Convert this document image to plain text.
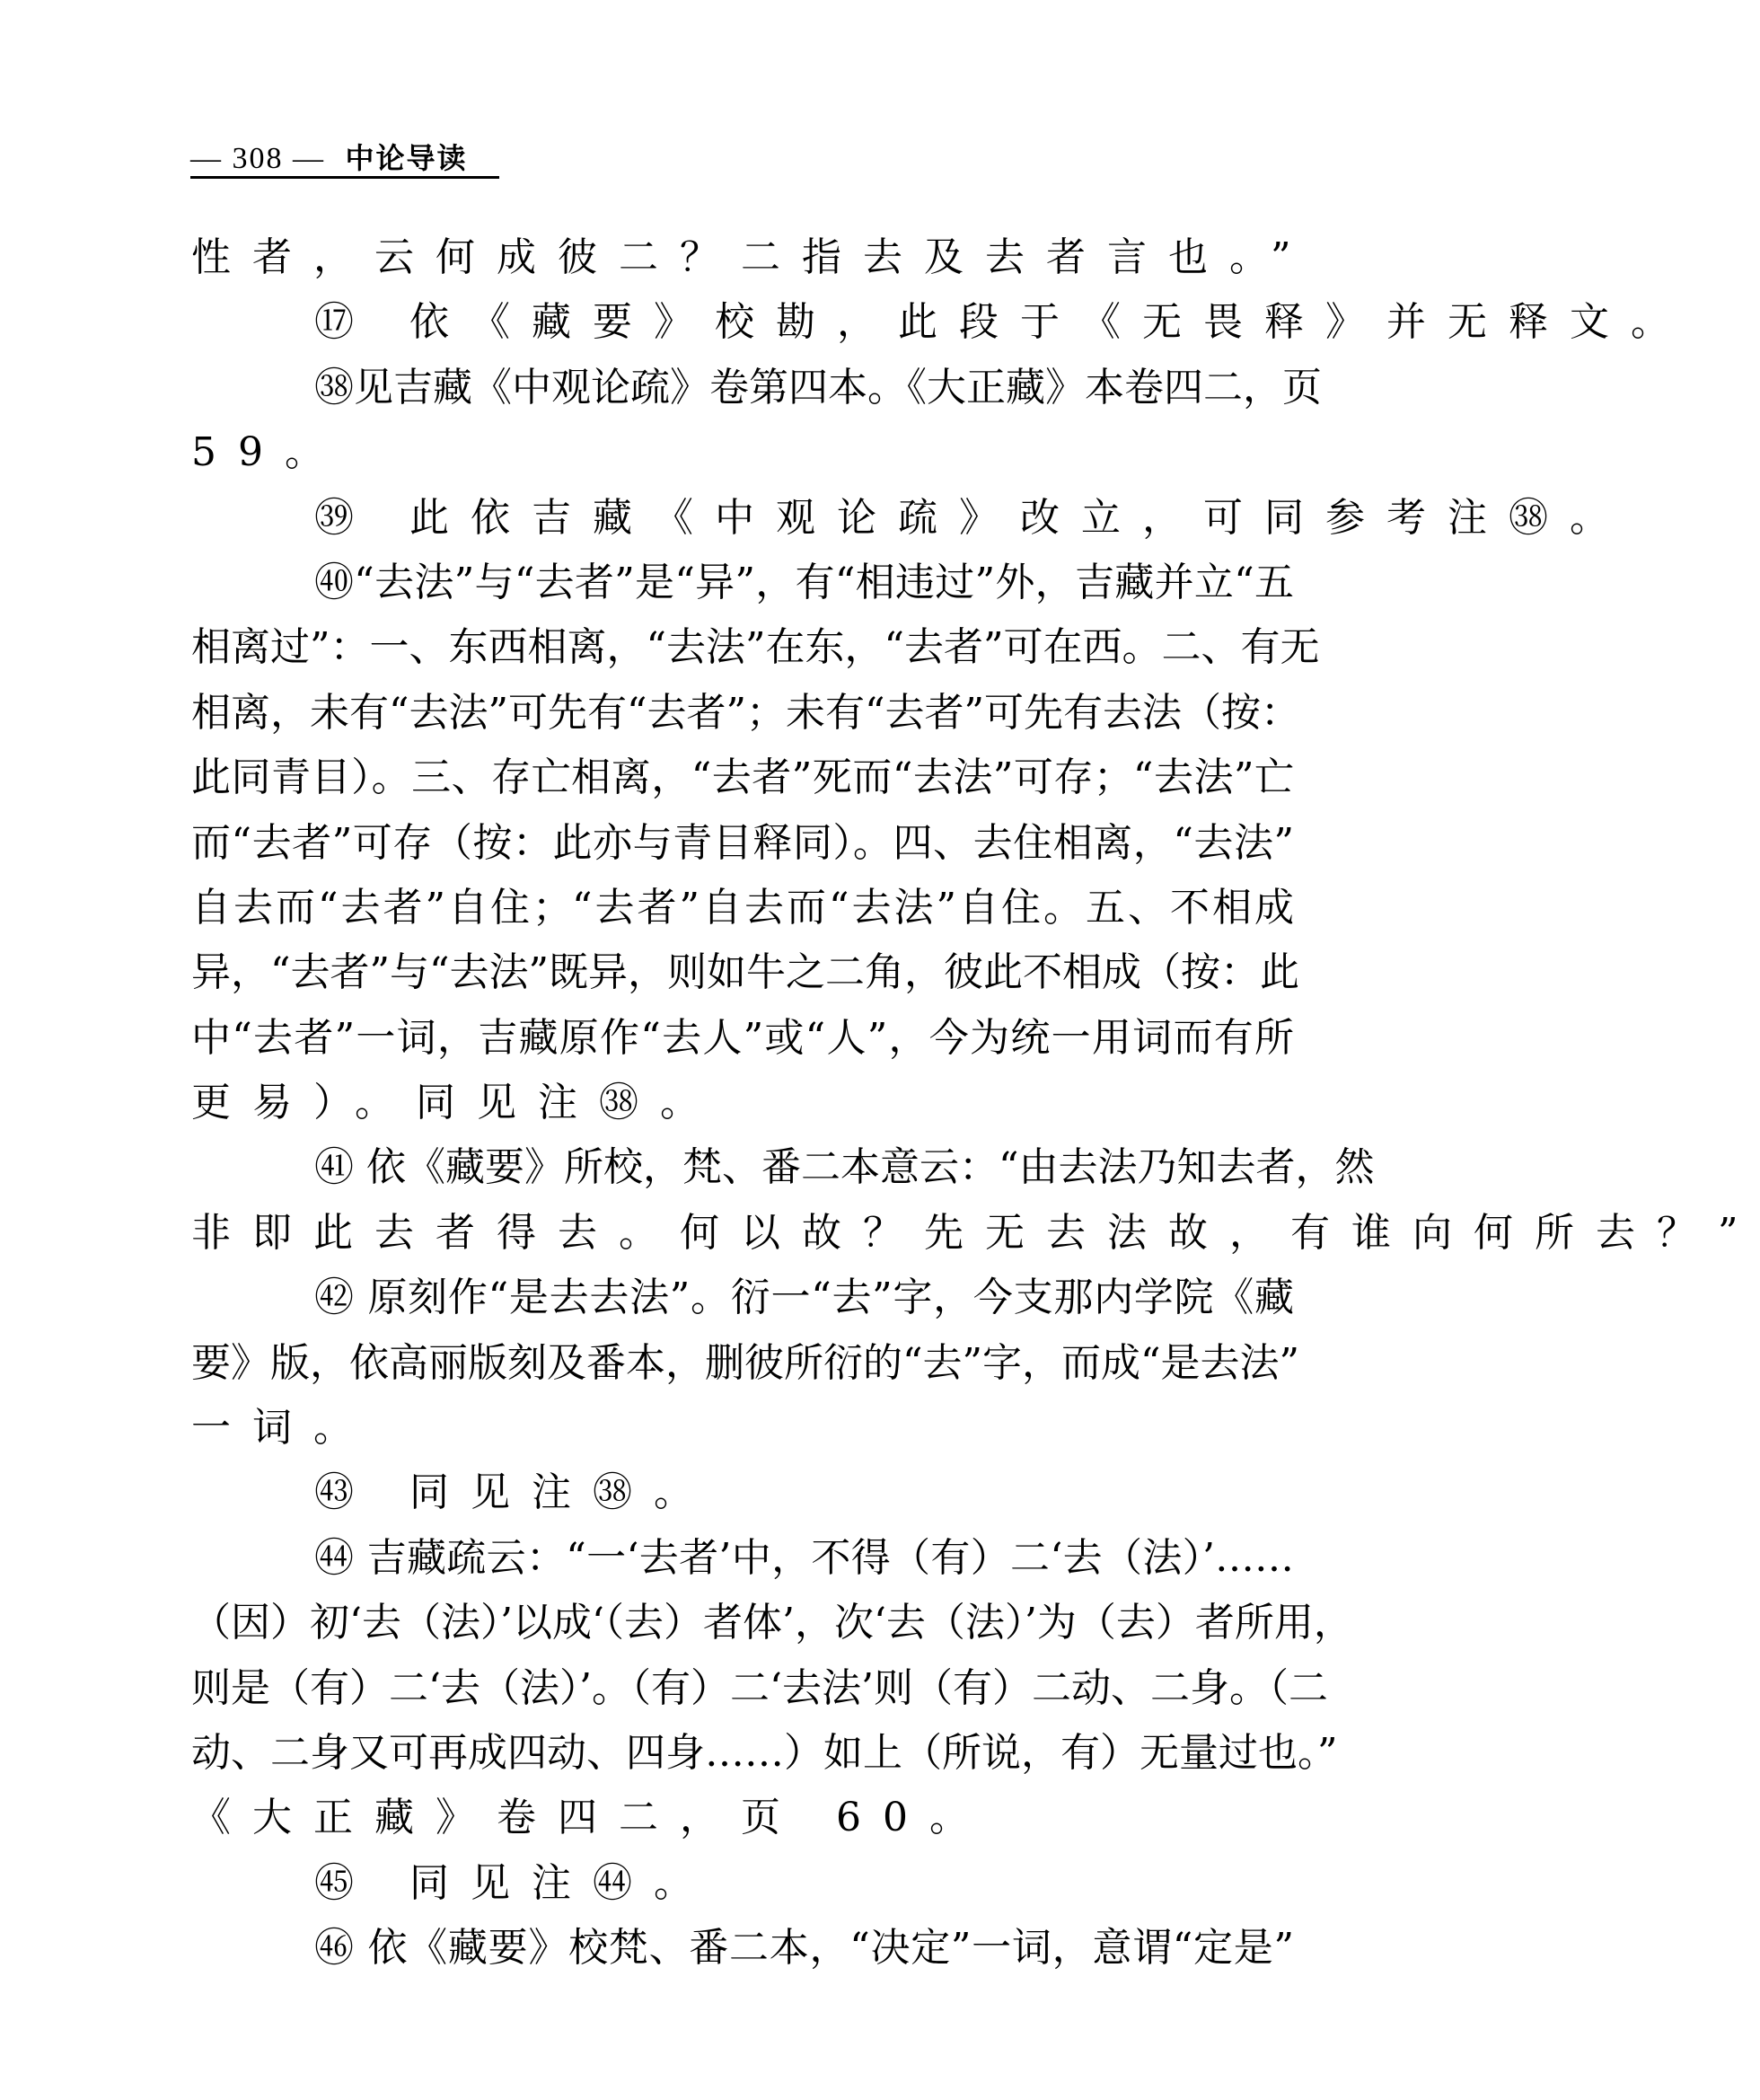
— 308 — 中论导读
性者，云何成彼二？二指去及去者言也。”
⑰ 依《藏要》校勘，此段于《无畏释》并无释文。
㊳见吉藏《中观论疏》卷第四本。《大正藏》本卷四二，页
59。
㊴ 此依吉藏《中观论疏》改立，可同参考注㊳。
㊵“去法”与“去者”是“异”，有“相违过”外，吉藏并立“五
相离过”：一、东西相离，“去法”在东，“去者”可在西。二、有无
相离，未有“去法”可先有“去者”；未有“去者”可先有去法（按：
此同青目）。三、存亡相离，“去者”死而“去法”可存；“去法”亡
而“去者”可存（按：此亦与青目释同）。四、去住相离，“去法”
自去而“去者”自住；“去者”自去而“去法”自住。五、不相成
异，“去者”与“去法”既异，则如牛之二角，彼此不相成（按：此
中“去者”一词，吉藏原作“去人”或“人”，今为统一用词而有所
更易）。同见注㊳。
㊶ 依《藏要》所校，梵、番二本意云：“由去法乃知去者，然
非即此去者得去。何以故？先无去法故，有谁向何所去？”
㊷ 原刻作“是去去法”。衍一“去”字，今支那内学院《藏
要》版，依高丽版刻及番本，删彼所衍的“去”字，而成“是去法”
一词。
㊸ 同见注㊳。
㊹ 吉藏疏云：“一‘去者’中，不得（有）二‘去（法）’……
（因）初‘去（法）’以成‘（去）者体’，次‘去（法）’为（去）者所用，
则是（有）二‘去（法）’。（有）二‘去法’则（有）二动、二身。（二
动、二身又可再成四动、四身……）如上（所说，有）无量过也。”
《大正藏》卷四二，页 60。
㊺ 同见注㊹。
㊻ 依《藏要》校梵、番二本，“决定”一词，意谓“定是”
